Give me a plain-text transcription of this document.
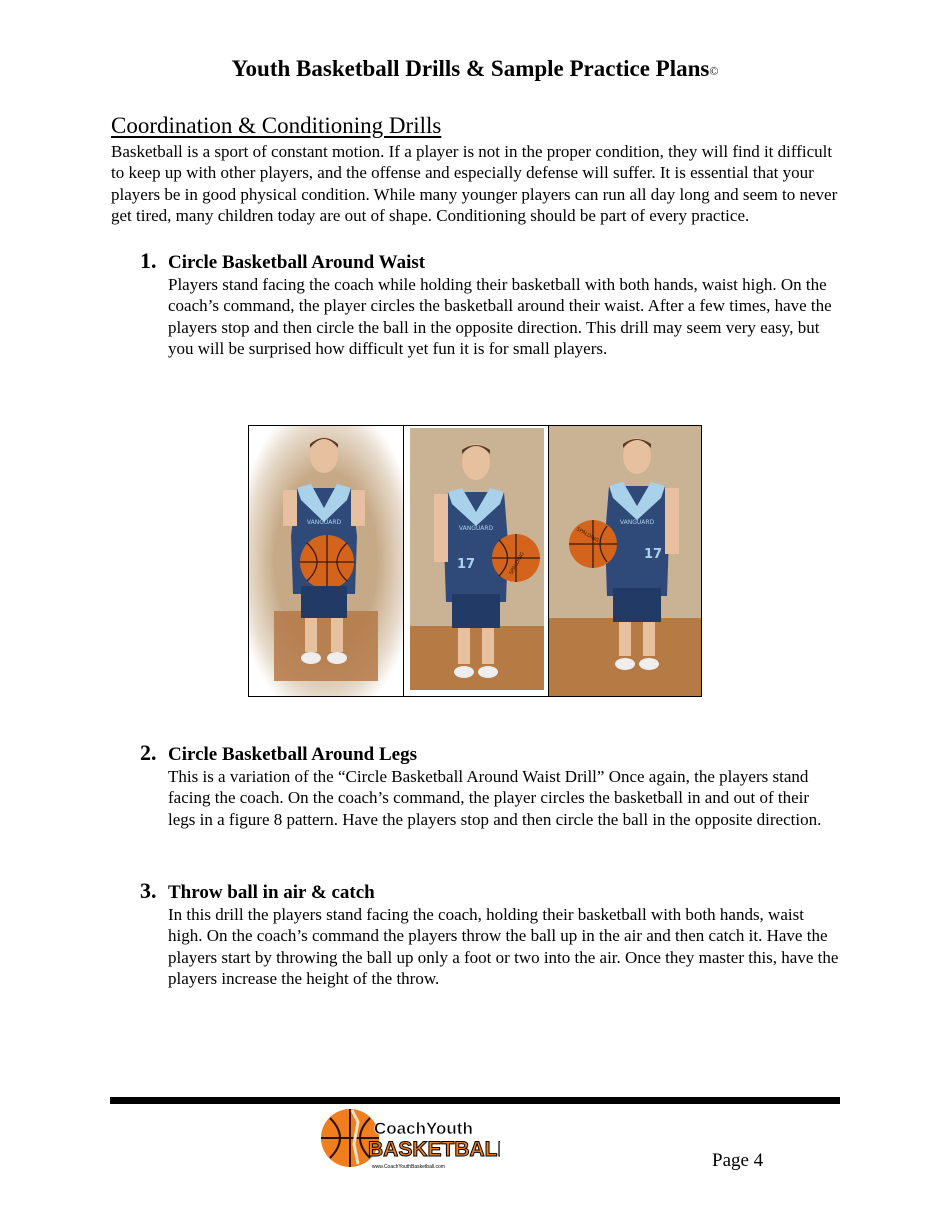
Youth Basketball Drills & Sample Practice Plans©
Coordination & Conditioning Drills

Basketball is a sport of constant motion. If a player is not in the proper condition, they will find it difficult to keep up with other players, and the offense and especially defense will suffer. It is essential that your players be in good physical condition. While many younger players can run all day long and seem to never get tired, many children today are out of shape. Conditioning should be part of every practice.

1. Circle Basketball Around Waist

Players stand facing the coach while holding their basketball with both hands, waist high. On the coach’s command, the player circles the basketball around their waist. After a few times, have the players stop and then circle the ball in the opposite direction. This drill may seem very easy, but you will be surprised how difficult yet fun it is for small players.

VANGUARD
VANGUARD
17	SPALDING
VANGUARD
17
SPALDING
2. Circle Basketball Around Legs

This is a variation of the “Circle Basketball Around Waist Drill” Once again, the players stand facing the coach. On the coach’s command, the player circles the basketball in and out of their legs in a figure 8 pattern. Have the players stop and then circle the ball in the opposite direction.

3. Throw ball in air & catch

In this drill the players stand facing the coach, holding their basketball with both hands, waist high. On the coach’s command the players throw the ball up in the air and then catch it. Have the players start by throwing the ball up only a foot or two into the air. Once they master this, have the players increase the height of the throw.

CoachYouth
BASKETBALL
www.CoachYouthBasketball.com	Page 4
